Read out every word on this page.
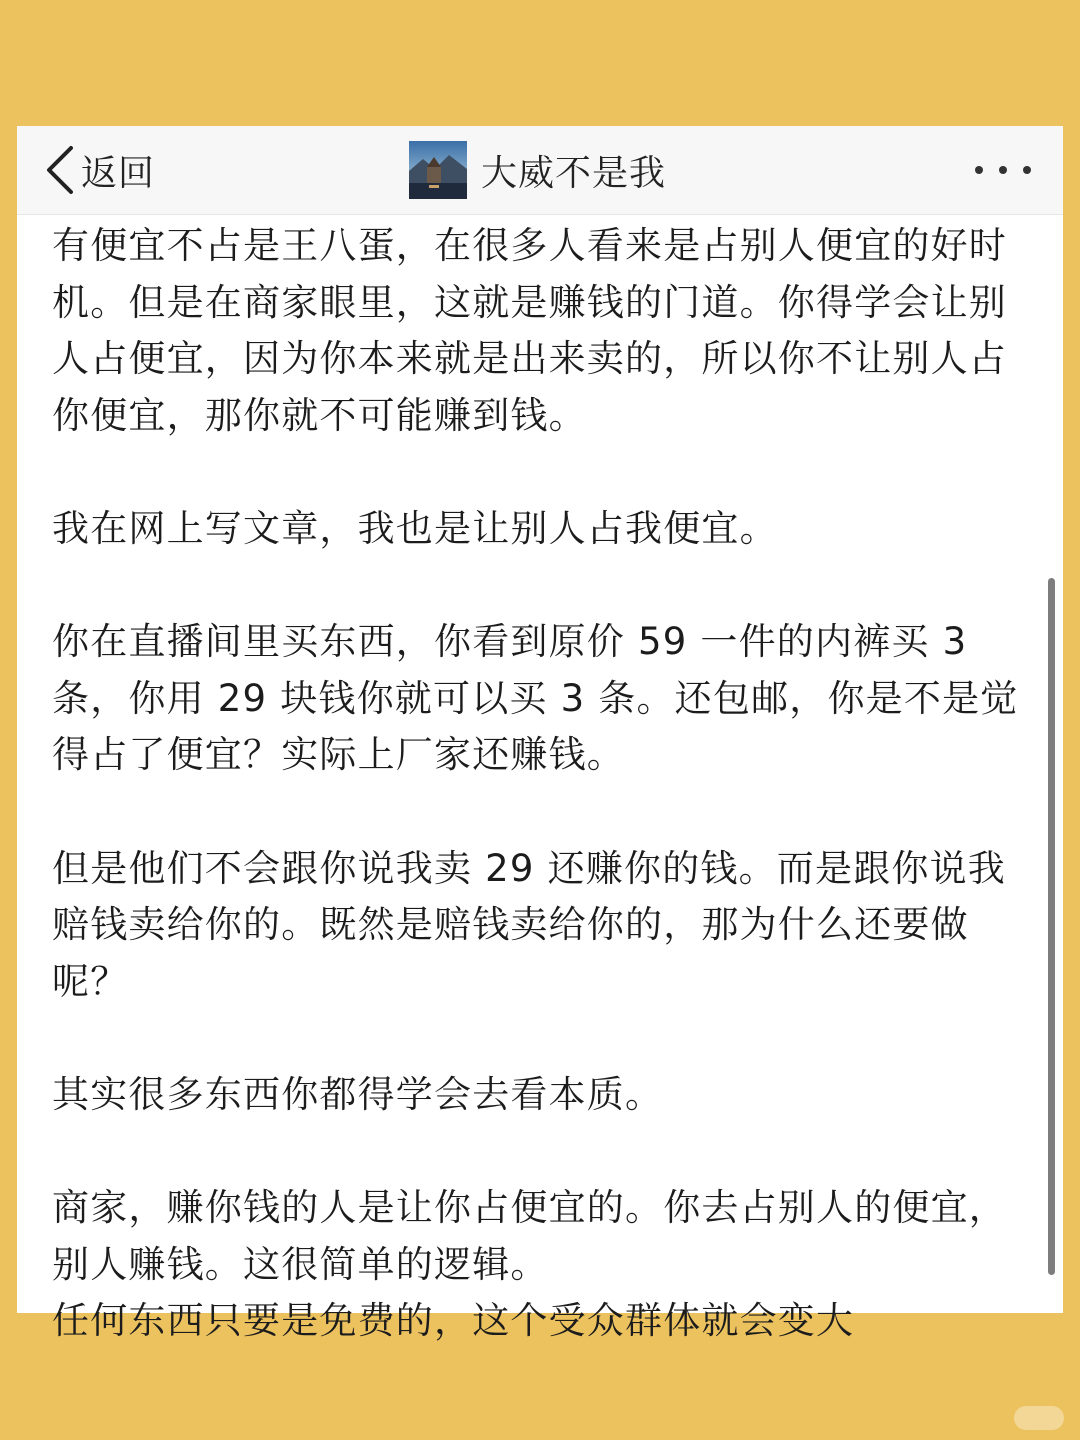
返回	大威不是我

有便宜不占是王八蛋，在很多人看来是占别人便宜的好时机。但是在商家眼里，这就是赚钱的门道。你得学会让别人占便宜，因为你本来就是出来卖的，所以你不让别人占你便宜，那你就不可能赚到钱。

我在网上写文章，我也是让别人占我便宜。

你在直播间里买东西，你看到原价 59 一件的内裤买 3 条，你用 29 块钱你就可以买 3 条。还包邮，你是不是觉得占了便宜？实际上厂家还赚钱。

但是他们不会跟你说我卖 29 还赚你的钱。而是跟你说我赔钱卖给你的。既然是赔钱卖给你的，那为什么还要做呢？

其实很多东西你都得学会去看本质。

商家，赚你钱的人是让你占便宜的。你去占别人的便宜，别人赚钱。这很简单的逻辑。

任何东西只要是免费的，这个受众群体就会变大
